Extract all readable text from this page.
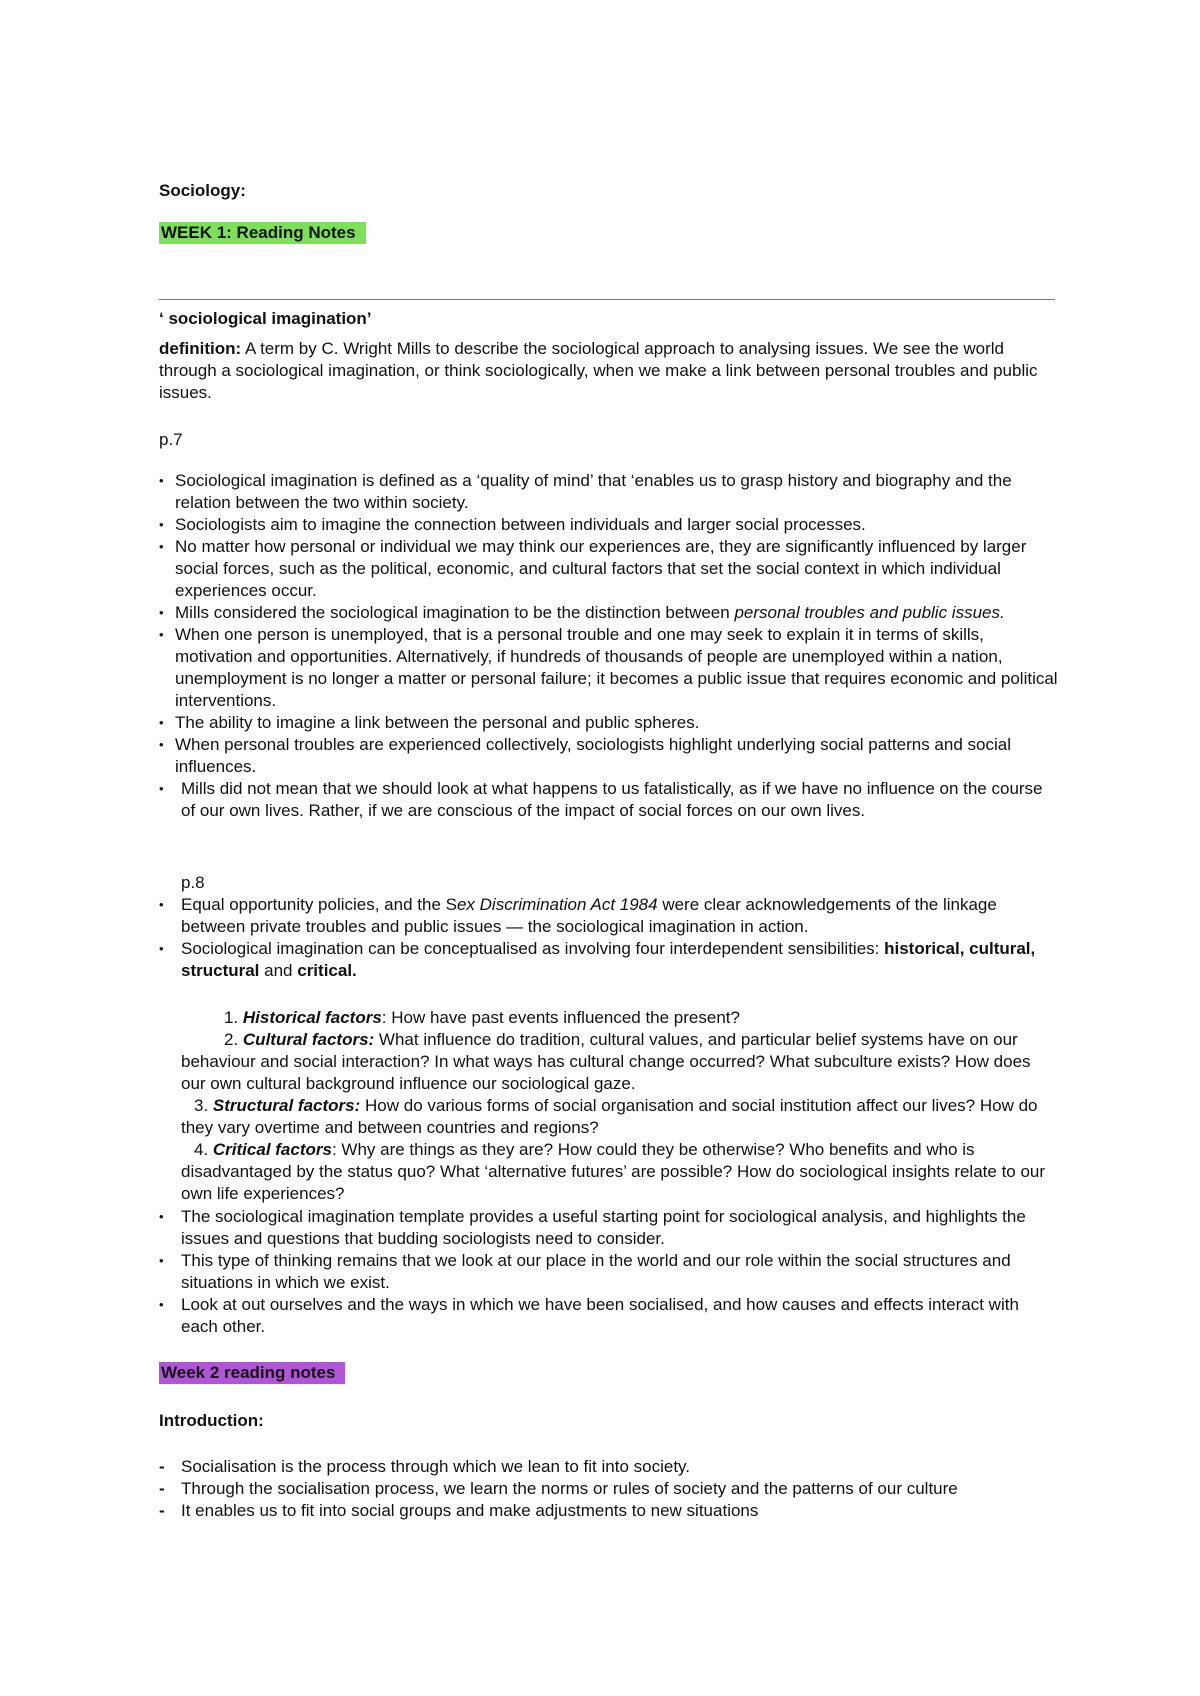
Sociology:
WEEK 1: Reading Notes
‘ sociological imagination’
definition: A term by C. Wright Mills to describe the sociological approach to analysing issues. We see the world through a sociological imagination, or think sociologically, when we make a link between personal troubles and public issues.
p.7
• Sociological imagination is defined as a ‘quality of mind’ that ‘enables us to grasp history and biography and the relation between the two within society.
• Sociologists aim to imagine the connection between individuals and larger social processes.
• No matter how personal or individual we may think our experiences are, they are significantly influenced by larger social forces, such as the political, economic, and cultural factors that set the social context in which individual experiences occur.
• Mills considered the sociological imagination to be the distinction between personal troubles and public issues.
• When one person is unemployed, that is a personal trouble and one may seek to explain it in terms of skills, motivation and opportunities. Alternatively, if hundreds of thousands of people are unemployed within a nation, unemployment is no longer a matter or personal failure; it becomes a public issue that requires economic and political interventions.
• The ability to imagine a link between the personal and public spheres.
• When personal troubles are experienced collectively, sociologists highlight underlying social patterns and social influences.
• Mills did not mean that we should look at what happens to us fatalistically, as if we have no influence on the course of our own lives. Rather, if we are conscious of the impact of social forces on our own lives.
p.8
• Equal opportunity policies, and the Sex Discrimination Act 1984 were clear acknowledgements of the linkage between private troubles and public issues — the sociological imagination in action.
• Sociological imagination can be conceptualised as involving four interdependent sensibilities: historical, cultural, structural and critical.
1. Historical factors: How have past events influenced the present?
2. Cultural factors: What influence do tradition, cultural values, and particular belief systems have on our behaviour and social interaction? In what ways has cultural change occurred? What subculture exists? How does our own cultural background influence our sociological gaze.
3. Structural factors: How do various forms of social organisation and social institution affect our lives? How do they vary overtime and between countries and regions?
4. Critical factors: Why are things as they are? How could they be otherwise? Who benefits and who is disadvantaged by the status quo? What ‘alternative futures’ are possible? How do sociological insights relate to our own life experiences?
• The sociological imagination template provides a useful starting point for sociological analysis, and highlights the issues and questions that budding sociologists need to consider.
• This type of thinking remains that we look at our place in the world and our role within the social structures and situations in which we exist.
• Look at out ourselves and the ways in which we have been socialised, and how causes and effects interact with each other.
Week 2 reading notes
Introduction:
- Socialisation is the process through which we lean to fit into society.
- Through the socialisation process, we learn the norms or rules of society and the patterns of our culture
- It enables us to fit into social groups and make adjustments to new situations
